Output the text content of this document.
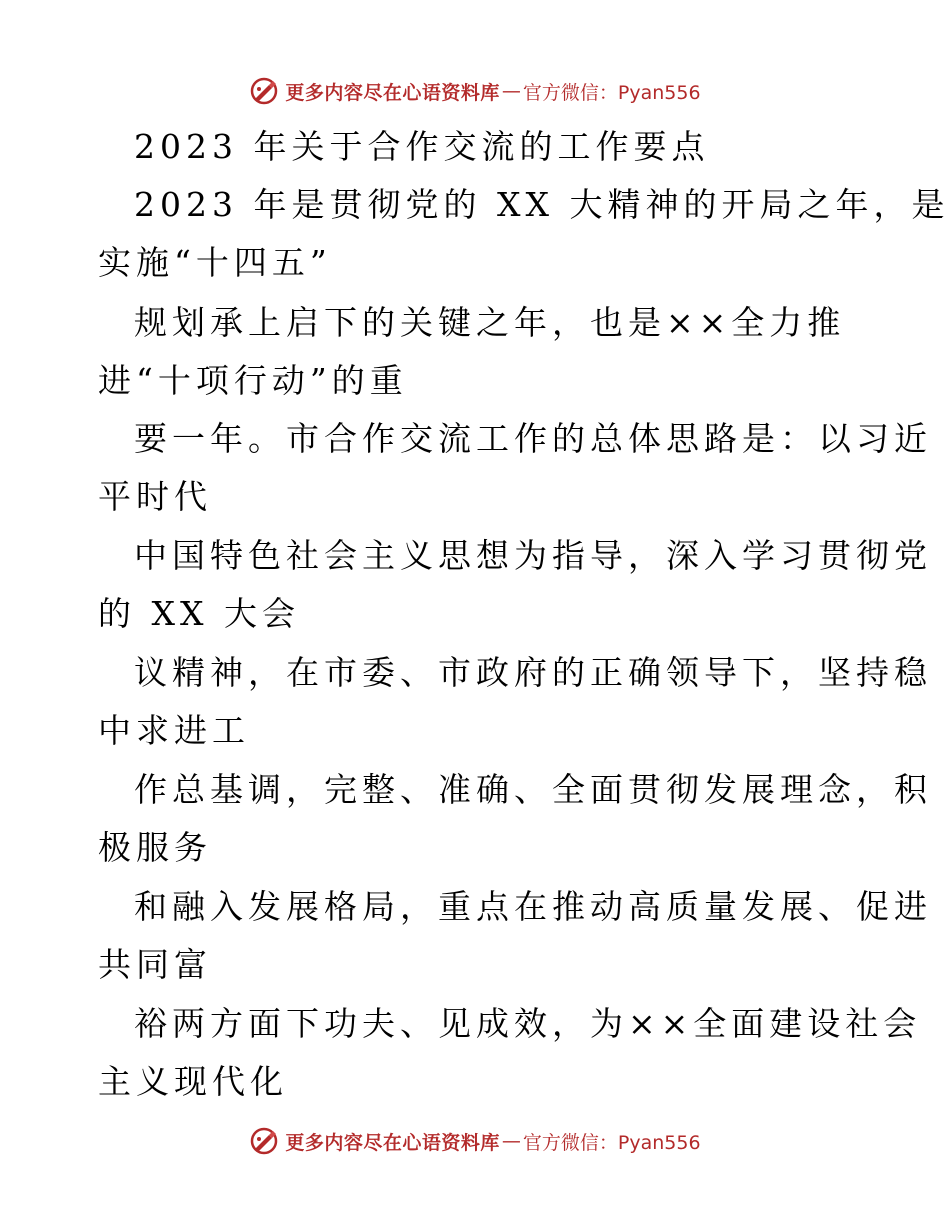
更多内容尽在心语资料库 — 官方微信：Pyan556
2023 年关于合作交流的工作要点
2023 年是贯彻党的 XX 大精神的开局之年，是
实施“十四五”
规划承上启下的关键之年，也是××全力推
进“十项行动”的重
要一年。市合作交流工作的总体思路是：以习近
平时代
中国特色社会主义思想为指导，深入学习贯彻党
的 XX 大会
议精神，在市委、市政府的正确领导下，坚持稳
中求进工
作总基调，完整、准确、全面贯彻发展理念，积
极服务
和融入发展格局，重点在推动高质量发展、促进
共同富
裕两方面下功夫、见成效，为××全面建设社会
主义现代化
更多内容尽在心语资料库 — 官方微信：Pyan556
